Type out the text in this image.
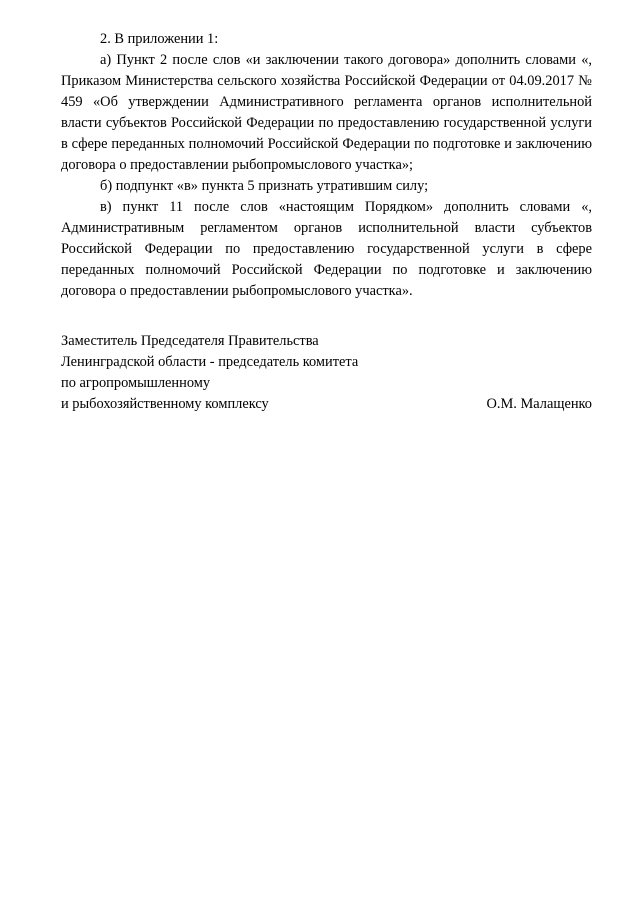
2. В приложении 1:

а) Пункт 2 после слов «и заключении такого договора» дополнить словами «, Приказом Министерства сельского хозяйства Российской Федерации от 04.09.2017 № 459 «Об утверждении Административного регламента органов исполнительной власти субъектов Российской Федерации по предоставлению государственной услуги в сфере переданных полномочий Российской Федерации по подготовке и заключению договора о предоставлении рыбопромыслового участка»;

б) подпункт «в» пункта 5 признать утратившим силу;

в) пункт 11 после слов «настоящим Порядком» дополнить словами «, Административным регламентом органов исполнительной власти субъектов Российской Федерации по предоставлению государственной услуги в сфере переданных полномочий Российской Федерации по подготовке и заключению договора о предоставлении рыбопромыслового участка».

Заместитель Председателя Правительства

Ленинградской области - председатель комитета

по агропромышленному

и рыбохозяйственному комплексу	О.М. Малащенко
